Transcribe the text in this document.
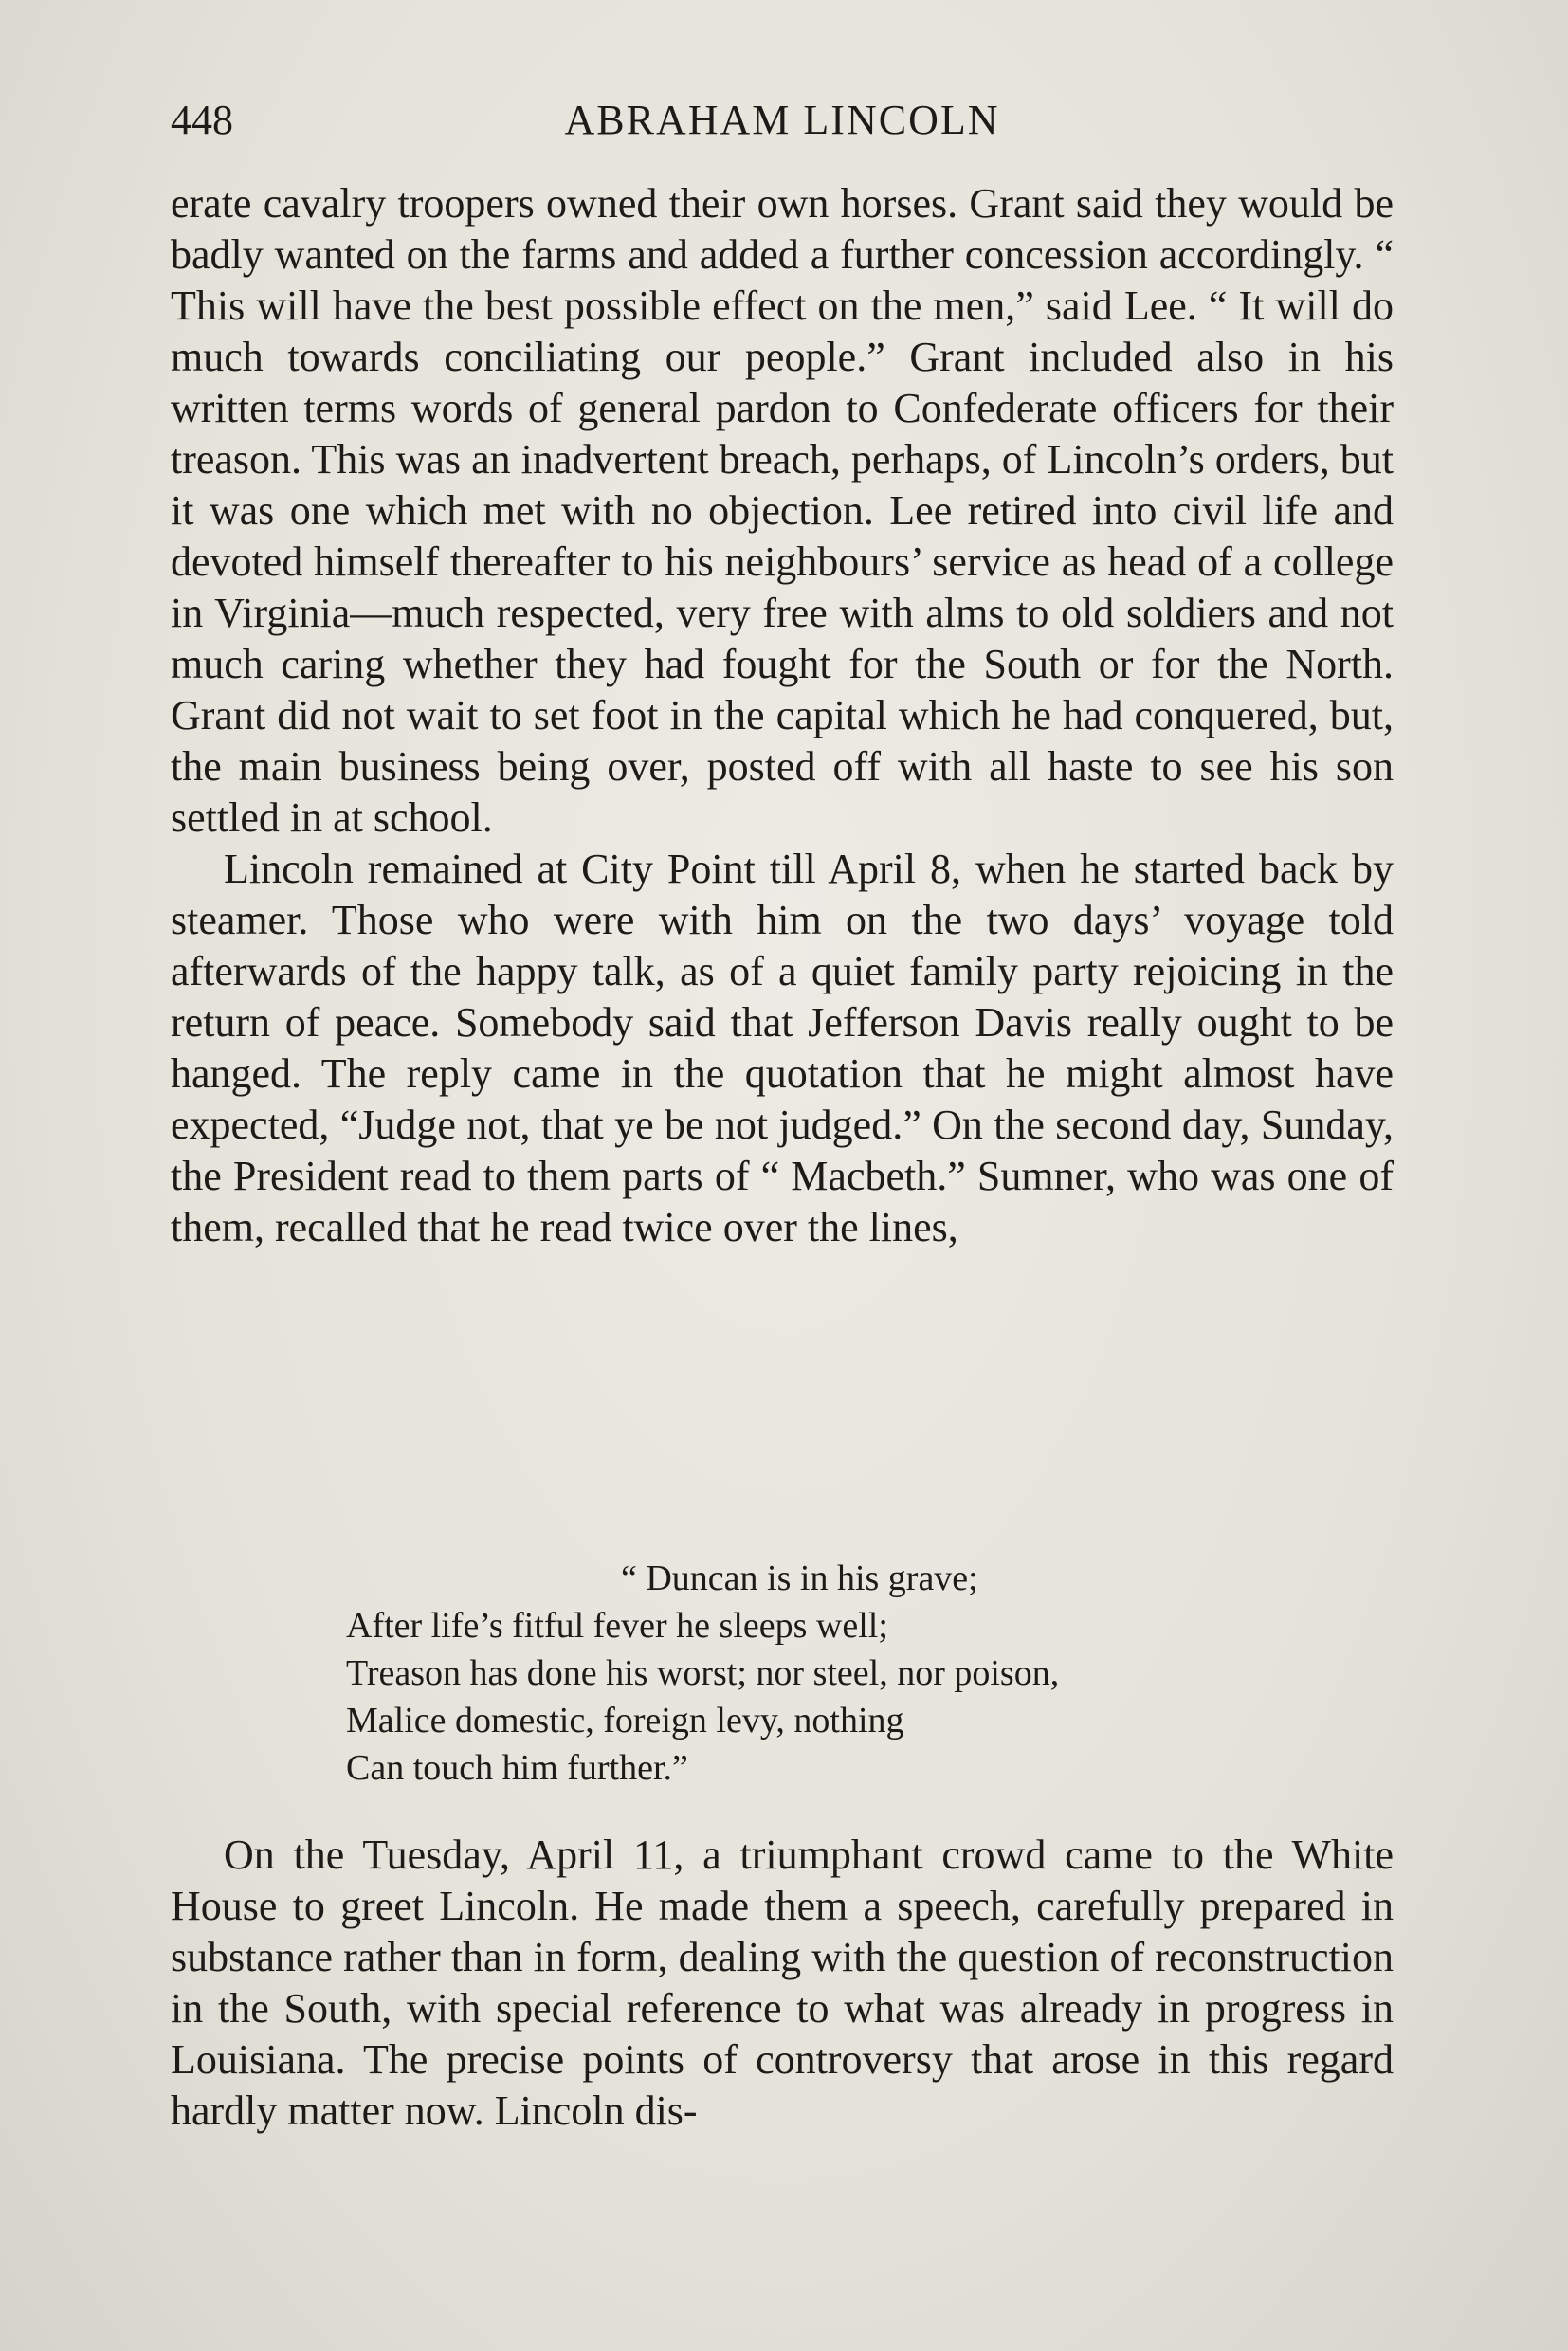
448	ABRAHAM LINCOLN

erate cavalry troopers owned their own horses. Grant said they would be badly wanted on the farms and added a further concession accordingly. “ This will have the best possible effect on the men,” said Lee. “ It will do much towards conciliating our people.” Grant included also in his written terms words of general pardon to Confederate officers for their treason. This was an inadvertent breach, perhaps, of Lincoln’s orders, but it was one which met with no objection. Lee retired into civil life and devoted himself thereafter to his neighbours’ service as head of a college in Virginia—much respected, very free with alms to old soldiers and not much caring whether they had fought for the South or for the North. Grant did not wait to set foot in the capital which he had conquered, but, the main business being over, posted off with all haste to see his son settled in at school.

Lincoln remained at City Point till April 8, when he started back by steamer. Those who were with him on the two days’ voyage told afterwards of the happy talk, as of a quiet family party rejoicing in the return of peace. Somebody said that Jefferson Davis really ought to be hanged. The reply came in the quotation that he might almost have expected, “Judge not, that ye be not judged.” On the second day, Sunday, the President read to them parts of “ Macbeth.” Sumner, who was one of them, recalled that he read twice over the lines,

“ Duncan is in his grave;
After life’s fitful fever he sleeps well;
Treason has done his worst; nor steel, nor poison,
Malice domestic, foreign levy, nothing
Can touch him further.”

On the Tuesday, April 11, a triumphant crowd came to the White House to greet Lincoln. He made them a speech, carefully prepared in substance rather than in form, dealing with the question of reconstruction in the South, with special reference to what was already in progress in Louisiana. The precise points of controversy that arose in this regard hardly matter now. Lincoln dis-
